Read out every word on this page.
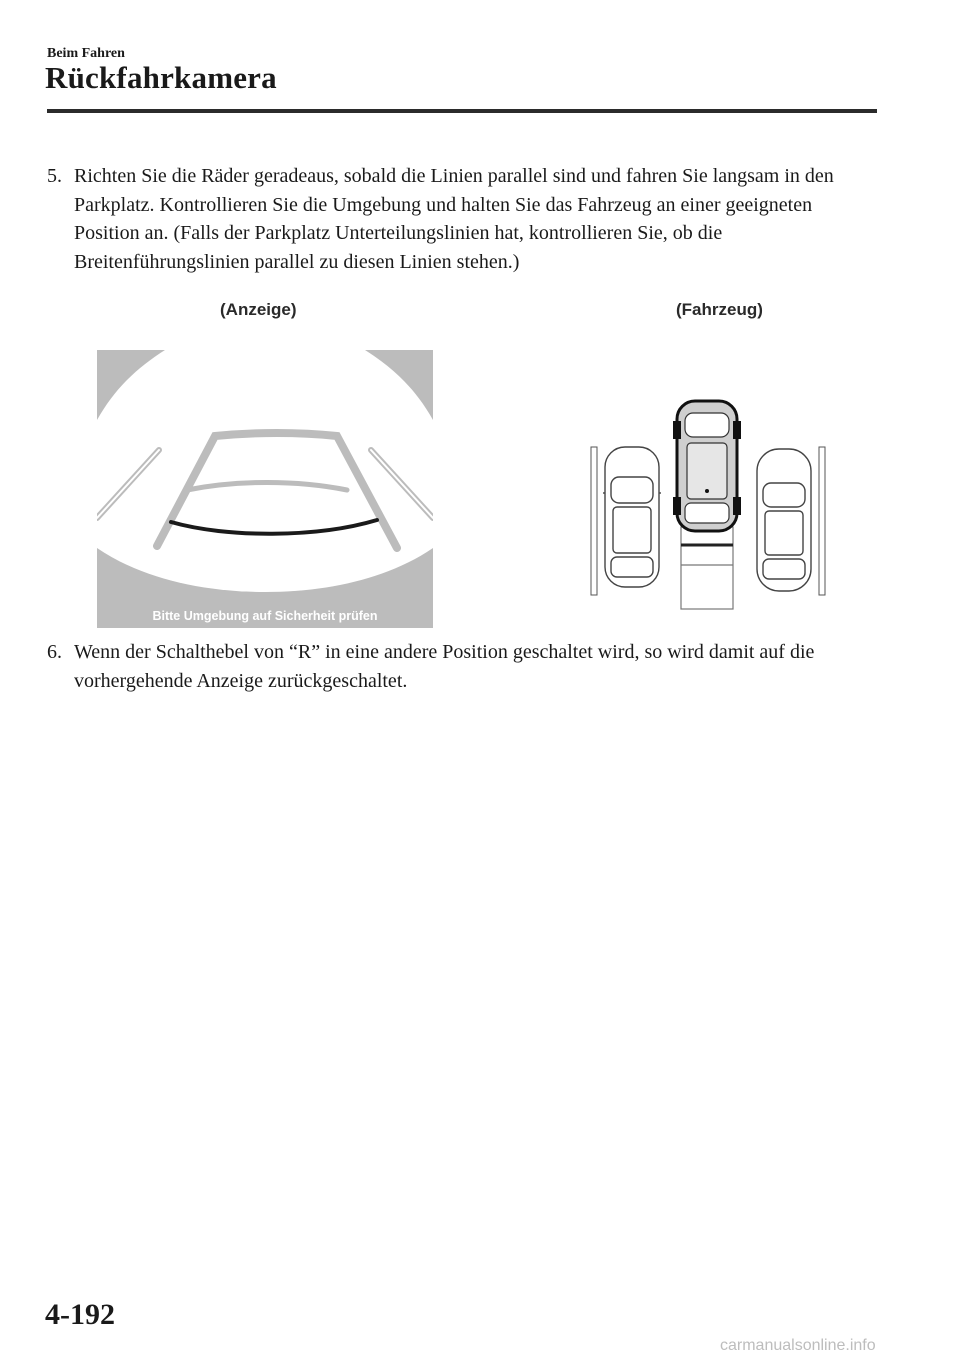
Beim Fahren
Rückfahrkamera
5. Richten Sie die Räder geradeaus, sobald die Linien parallel sind und fahren Sie langsam in den Parkplatz. Kontrollieren Sie die Umgebung und halten Sie das Fahrzeug an einer geeigneten Position an. (Falls der Parkplatz Unterteilungslinien hat, kontrollieren Sie, ob die Breitenführungslinien parallel zu diesen Linien stehen.)
(Anzeige)	(Fahrzeug)
Bitte Umgebung auf Sicherheit prüfen
6. Wenn der Schalthebel von “R” in eine andere Position geschaltet wird, so wird damit auf die vorhergehende Anzeige zurückgeschaltet.
4-192
carmanualsonline.info
